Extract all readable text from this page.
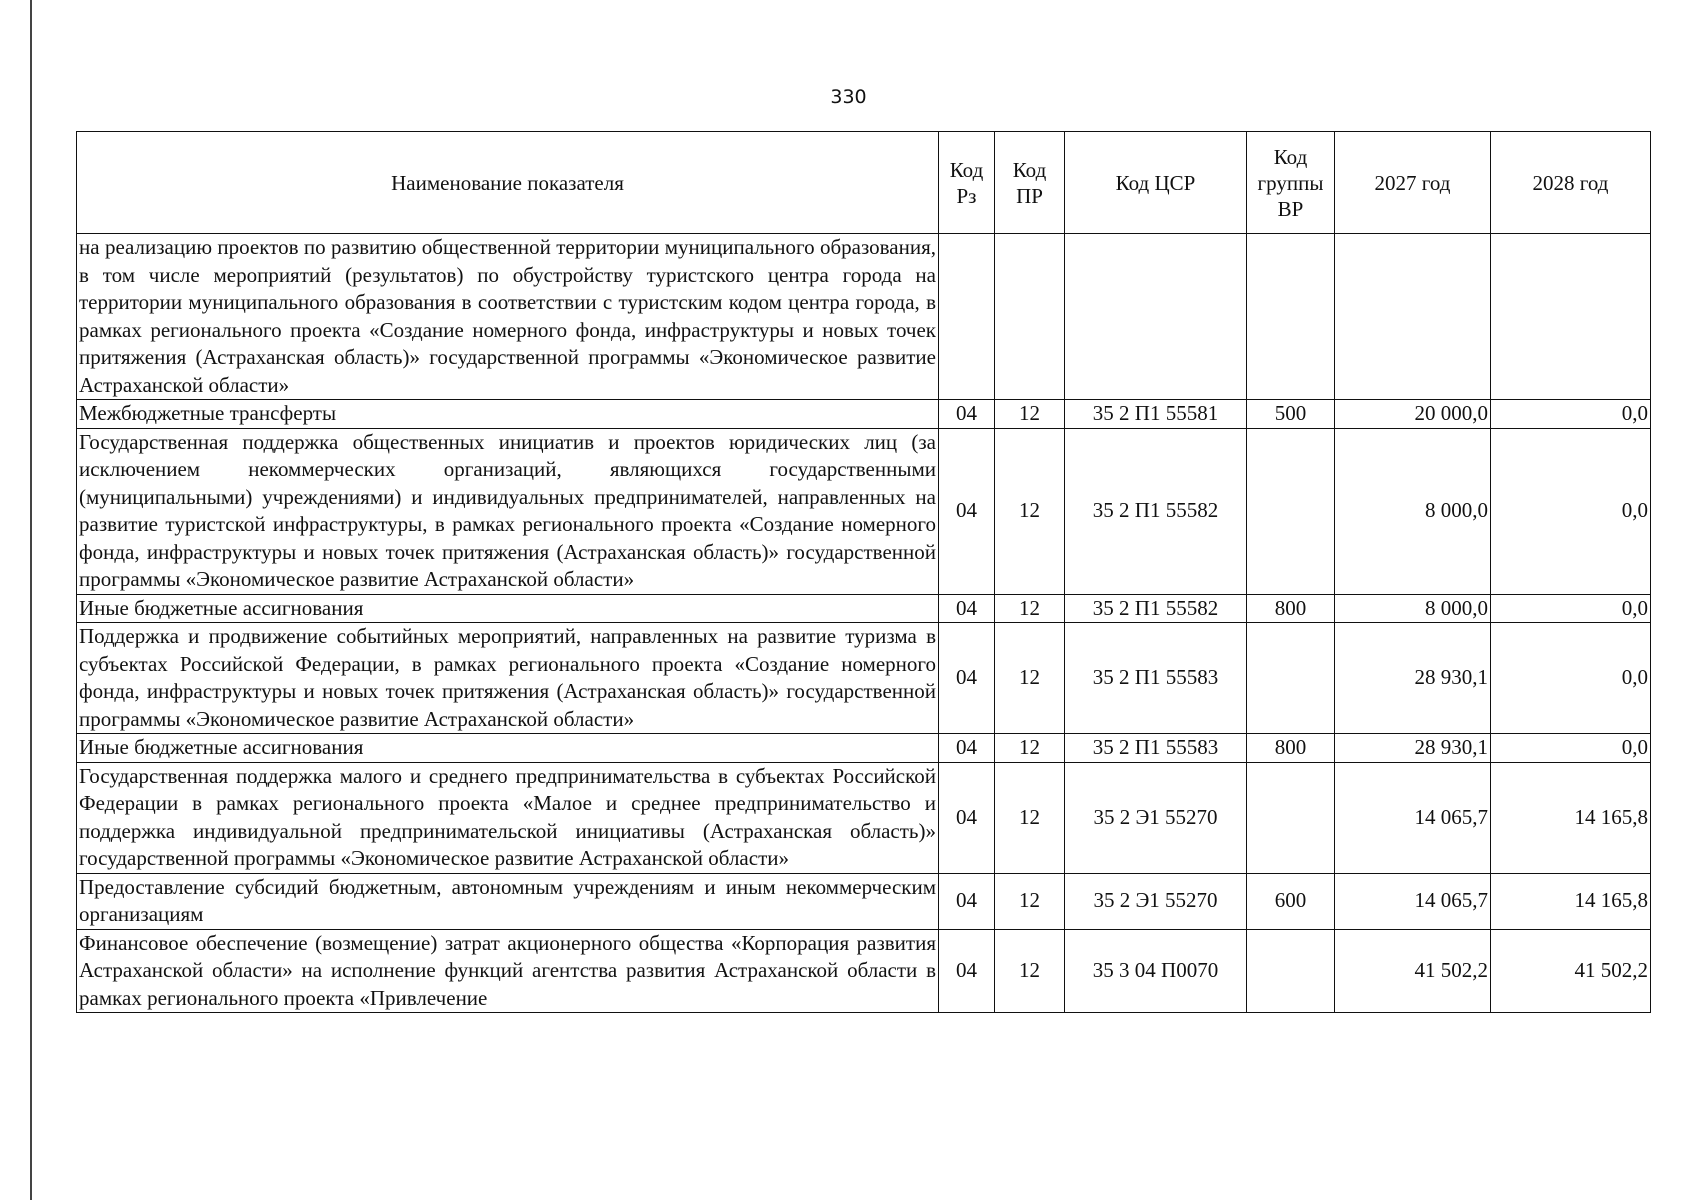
330
Наименование показателя	Код Рз	Код ПР	Код ЦСР	Код группы ВР	2027 год	2028 год
на реализацию проектов по развитию общественной территории муниципального образования, в том числе мероприятий (результатов) по обустройству туристского центра города на территории муниципального образования в соответствии с туристским кодом центра города, в рамках регионального проекта «Создание номерного фонда, инфраструктуры и новых точек притяжения (Астраханская область)» государственной программы «Экономическое развитие Астраханской области»						
Межбюджетные трансферты	04	12	35 2 П1 55581	500	20 000,0	0,0
Государственная поддержка общественных инициатив и проектов юридических лиц (за исключением некоммерческих организаций, являющихся государственными (муниципальными) учреждениями) и индивидуальных предпринимателей, направленных на развитие туристской инфраструктуры, в рамках регионального проекта «Создание номерного фонда, инфраструктуры и новых точек притяжения (Астраханская область)» государственной программы «Экономическое развитие Астраханской области»	04	12	35 2 П1 55582		8 000,0	0,0
Иные бюджетные ассигнования	04	12	35 2 П1 55582	800	8 000,0	0,0
Поддержка и продвижение событийных мероприятий, направленных на развитие туризма в субъектах Российской Федерации, в рамках регионального проекта «Создание номерного фонда, инфраструктуры и новых точек притяжения (Астраханская область)» государственной программы «Экономическое развитие Астраханской области»	04	12	35 2 П1 55583		28 930,1	0,0
Иные бюджетные ассигнования	04	12	35 2 П1 55583	800	28 930,1	0,0
Государственная поддержка малого и среднего предпринимательства в субъектах Российской Федерации в рамках регионального проекта «Малое и среднее предпринимательство и поддержка индивидуальной предпринимательской инициативы (Астраханская область)» государственной программы «Экономическое развитие Астраханской области»	04	12	35 2 Э1 55270		14 065,7	14 165,8
Предоставление субсидий бюджетным, автономным учреждениям и иным некоммерческим организациям	04	12	35 2 Э1 55270	600	14 065,7	14 165,8
Финансовое обеспечение (возмещение) затрат акционерного общества «Корпорация развития Астраханской области» на исполнение функций агентства развития Астраханской области в рамках регионального проекта «Привлечение	04	12	35 3 04 П0070		41 502,2	41 502,2
